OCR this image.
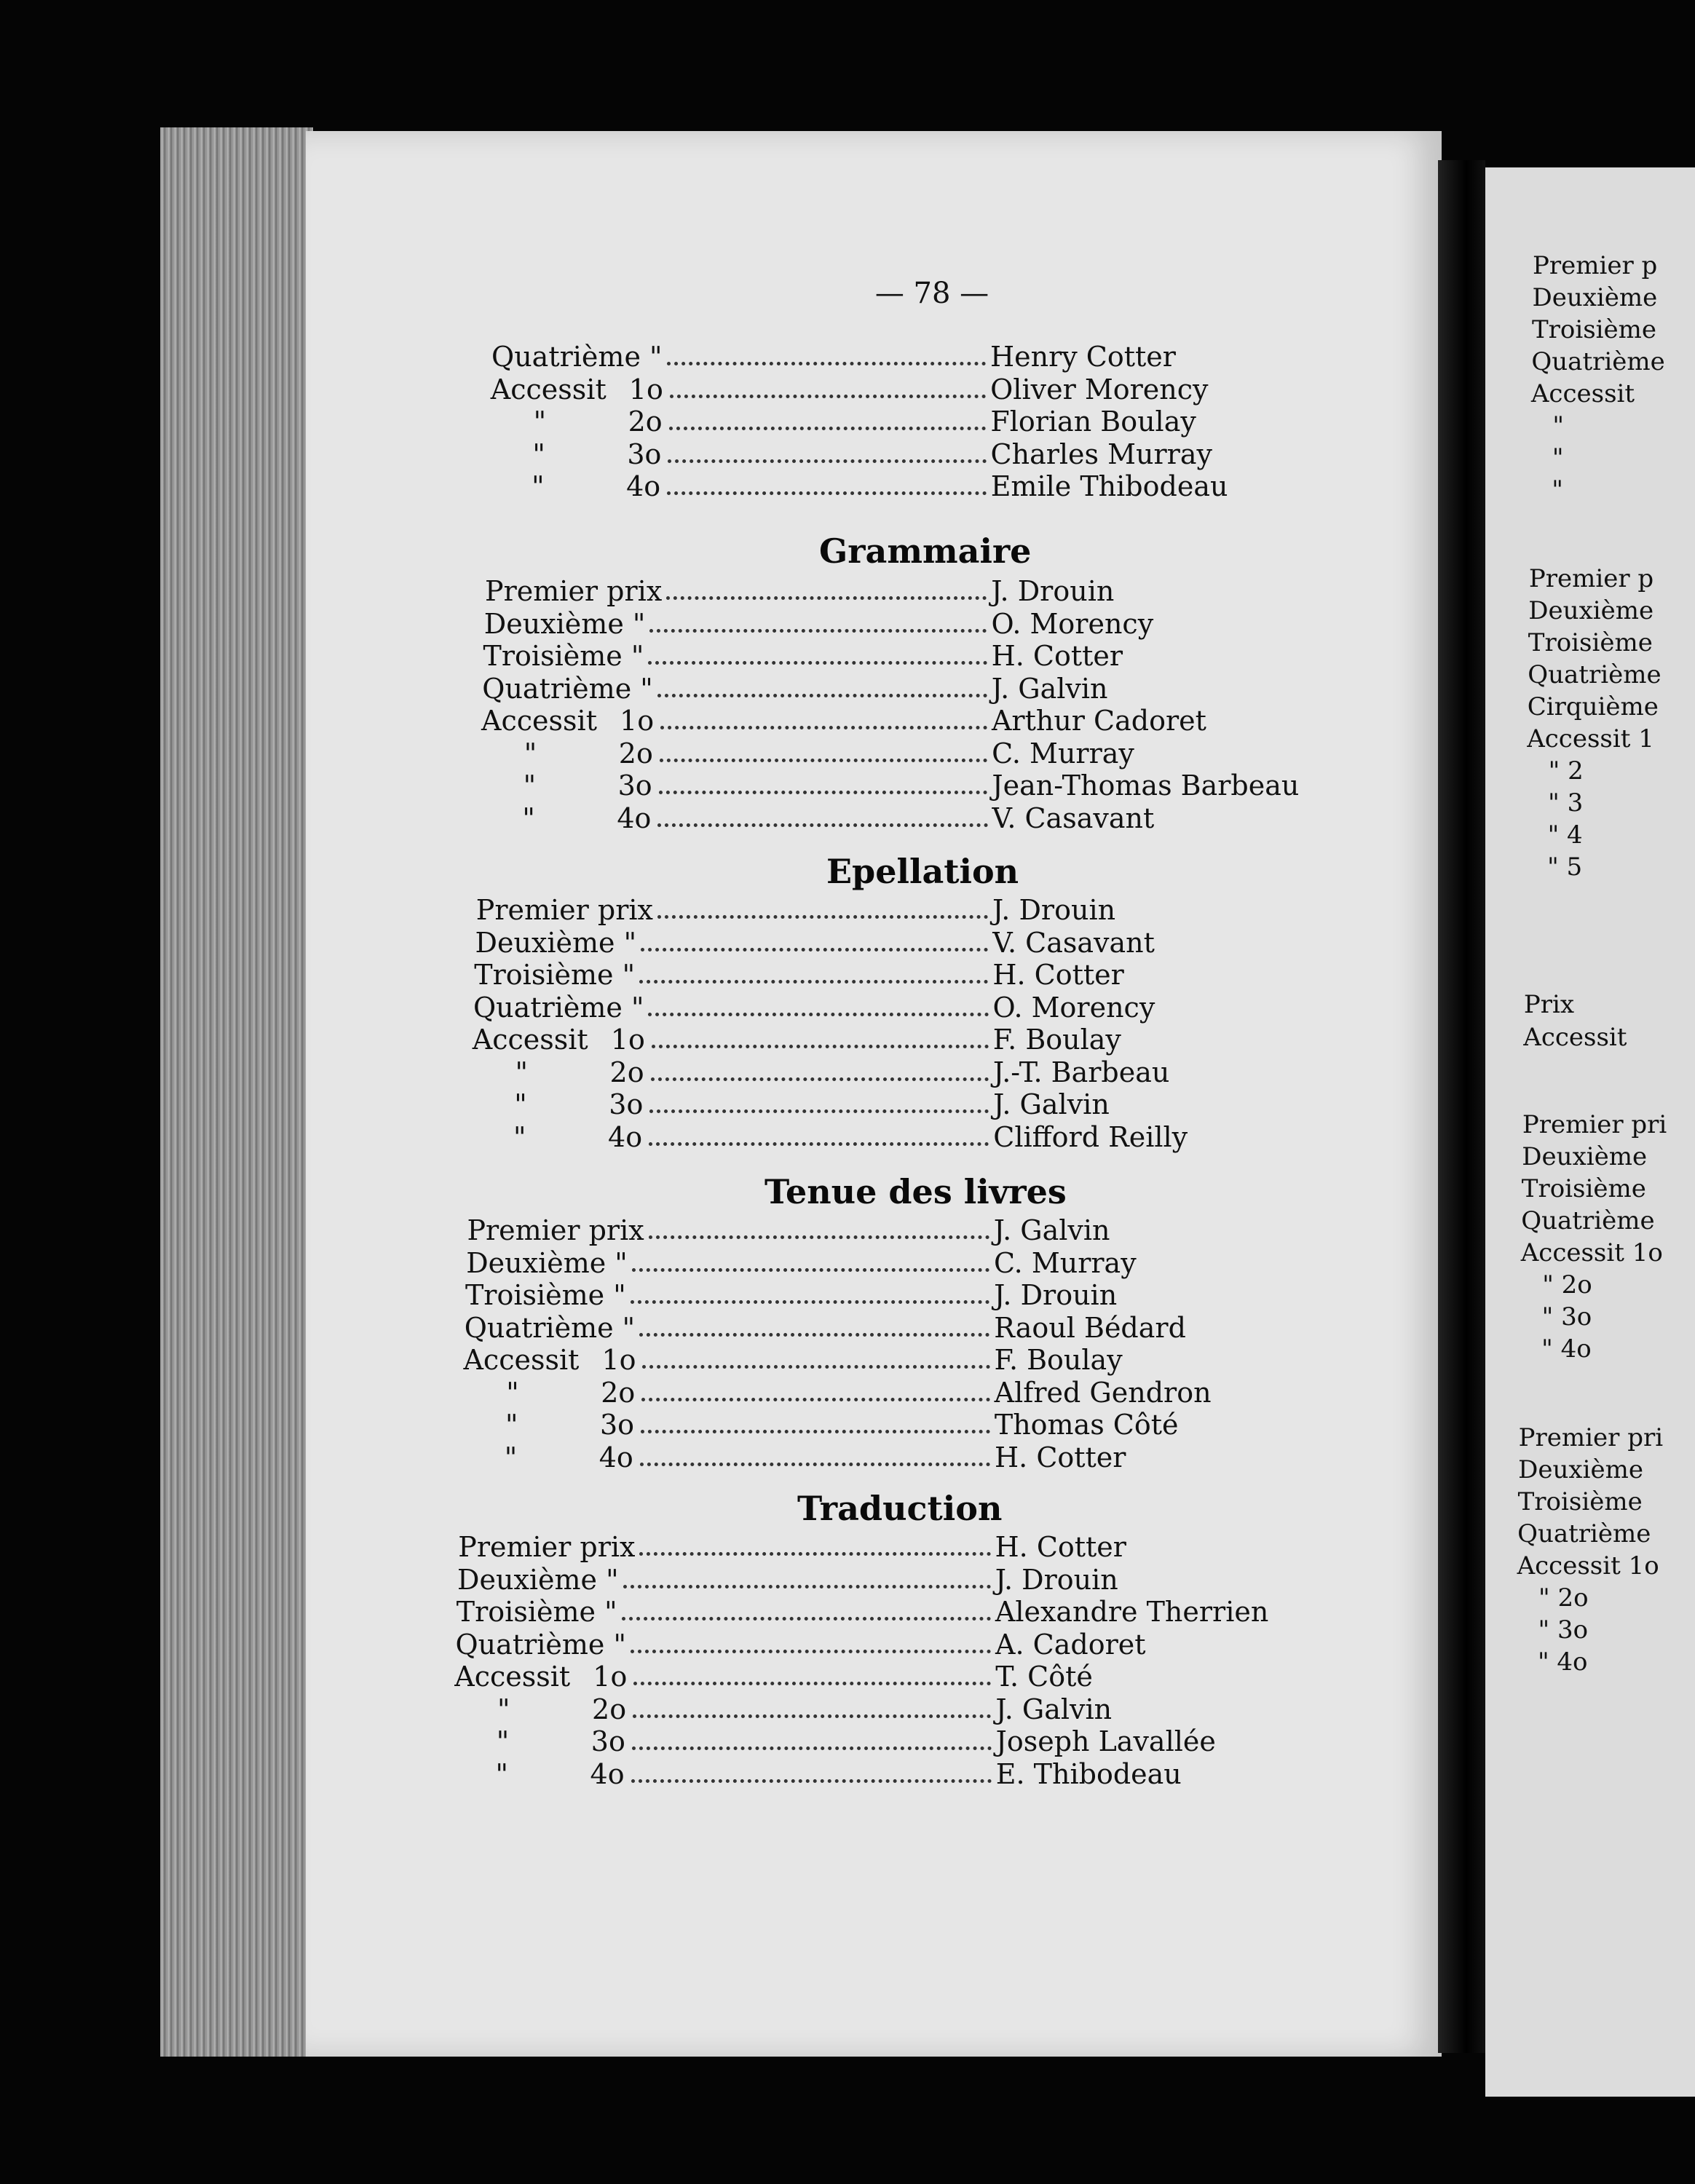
Premier p
Deuxième
Troisième
Quatrième
Accessit
"
"
"
Premier p
Deuxième
Troisième
Quatrième
Cirquième
Accessit 1
" 2
" 3
" 4
" 5
Prix
Accessit
Premier pri
Deuxième
Troisième
Quatrième
Accessit 1o
" 2o
" 3o
" 4o
Premier pri
Deuxième
Troisième
Quatrième
Accessit 1o
" 2o
" 3o
" 4o
— 78 —
Quatrième "	Henry Cotter
Accessit 1o	Oliver Morency
"	2o	Florian Boulay
"	3o	Charles Murray
"	4o	Emile Thibodeau
Grammaire
Premier prix	J. Drouin
Deuxième "	O. Morency
Troisième "	H. Cotter
Quatrième "	J. Galvin
Accessit 1o	Arthur Cadoret
"	2o	C. Murray
"	3o	Jean-Thomas Barbeau
"	4o	V. Casavant
Epellation
Premier prix	J. Drouin
Deuxième "	V. Casavant
Troisième "	H. Cotter
Quatrième "	O. Morency
Accessit 1o	F. Boulay
"	2o	J.-T. Barbeau
"	3o	J. Galvin
"	4o	Clifford Reilly
Tenue des livres
Premier prix	J. Galvin
Deuxième "	C. Murray
Troisième "	J. Drouin
Quatrième "	Raoul Bédard
Accessit 1o	F. Boulay
"	2o	Alfred Gendron
"	3o	Thomas Côté
"	4o	H. Cotter
Traduction
Premier prix	H. Cotter
Deuxième "	J. Drouin
Troisième "	Alexandre Therrien
Quatrième "	A. Cadoret
Accessit 1o	T. Côté
"	2o	J. Galvin
"	3o	Joseph Lavallée
"	4o	E. Thibodeau
